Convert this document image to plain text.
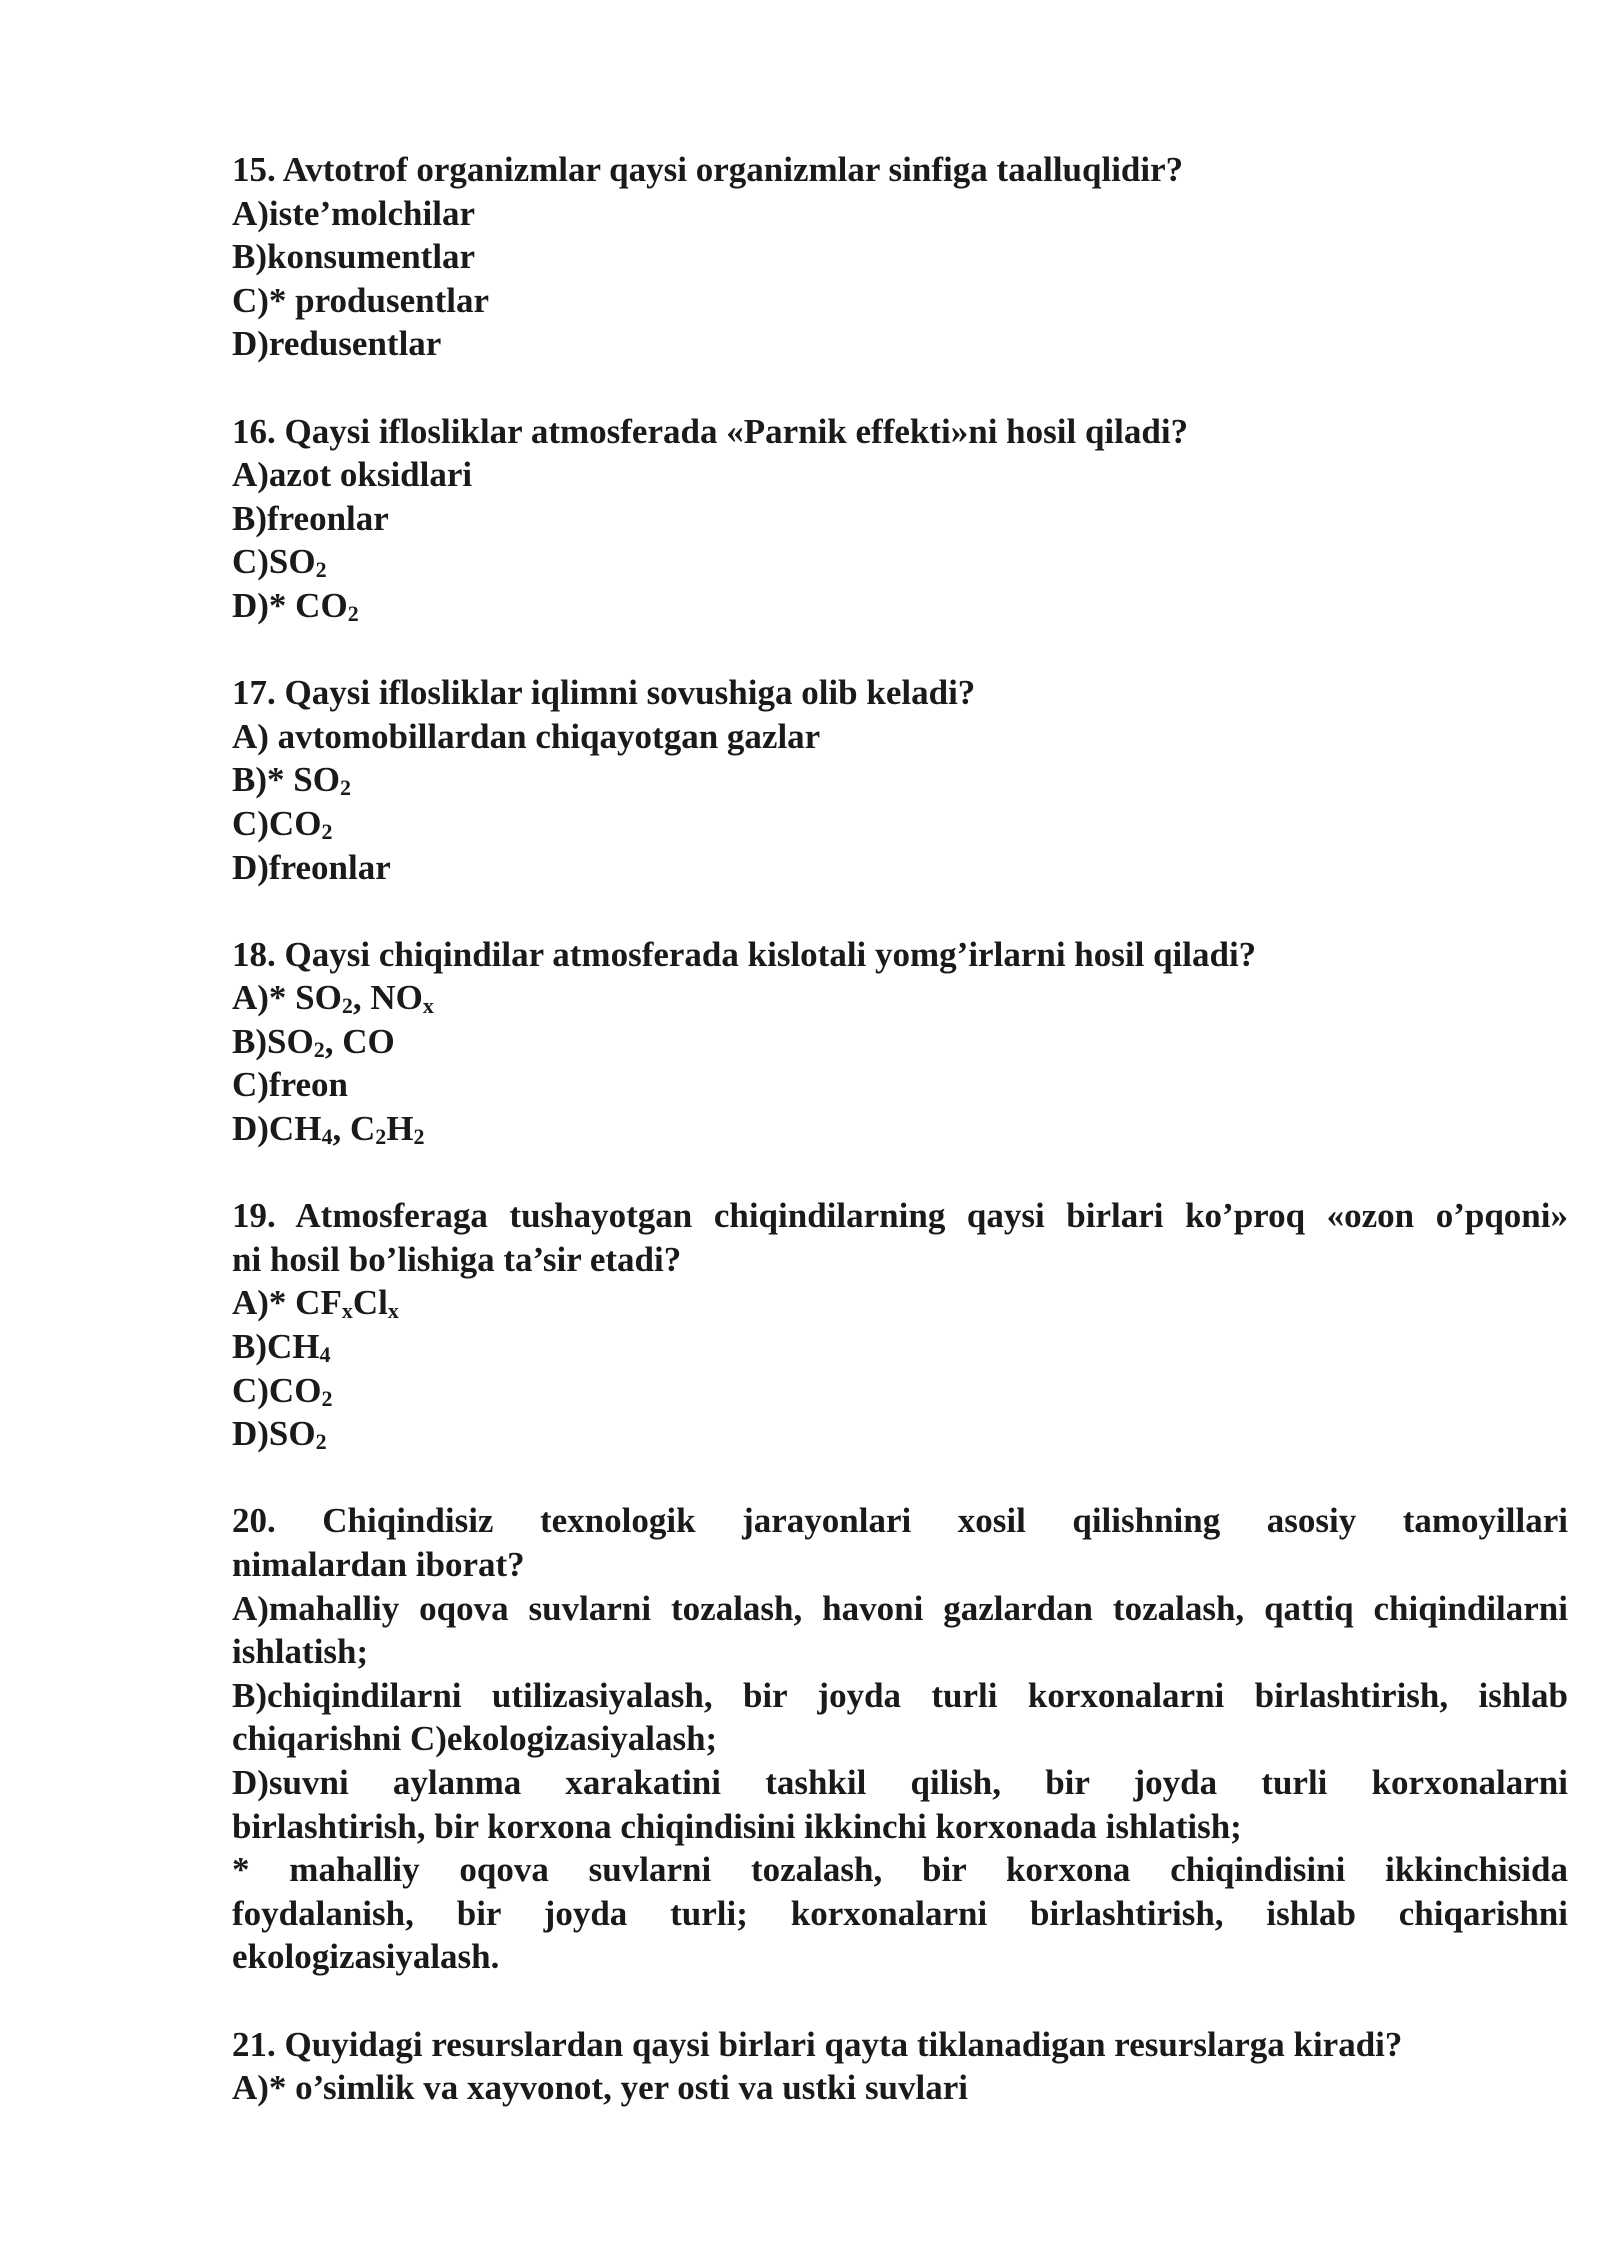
15. Avtotrof organizmlar qaysi organizmlar sinfiga taalluqlidir?
A)iste’molchilar
B)konsumentlar
C)* produsentlar
D)redusentlar
16. Qaysi ifloslіklar atmosferada «Parnik effekti»ni hosil qiladi?
A)azot oksidlari
B)freonlar
C)SO2
D)* CO2
17. Qaysi ifloslіklar iqlimni sovushiga olib keladi?
A) avtomobillardan chiqayotgan gazlar
B)* SO2
C)CO2
D)freonlar
18. Qaysi chiqindilar atmosferada kislotali yomg’irlarni hosil qiladi?
A)* SO2, NOx
B)SO2, CO
C)freon
D)CH4, C2H2
19. Atmosferaga tushayotgan chiqindilarning qaysi birlari ko’proq «ozon o’pqoni»
ni hosil bo’lishiga ta’sir etadi?
A)* CFxClx
B)CH4
C)CO2
D)SO2
20. Chiqindisiz texnologik jarayonlari xosil qilishning asosiy tamoyillari
nimalardan iborat?
A)mahalliy oqova suvlarni tozalash, havoni gazlardan tozalash, qattiq chiqindilarni
ishlatish;
B)chiqindilarni utilizasiyalash, bir joyda turli korxonalarni birlashtirish, ishlab
chiqarishni C)ekologizasiyalash;
D)suvni aylanma xarakatini tashkil qilish, bir joyda turli korxonalarni
birlashtirish, bir korxona chiqindisini ikkinchi korxonada ishlatish;
* mahalliy oqova suvlarni tozalash, bir korxona chiqindisini ikkinchisida
foydalanish, bir joyda turli; korxonalarni birlashtirish, ishlab chiqarishni
ekologizasiyalash.
21. Quyidagi resurslardan qaysi birlari qayta tiklanadigan resurslarga kiradi?
A)* o’simlik va xayvonot, yer osti va ustki suvlari
